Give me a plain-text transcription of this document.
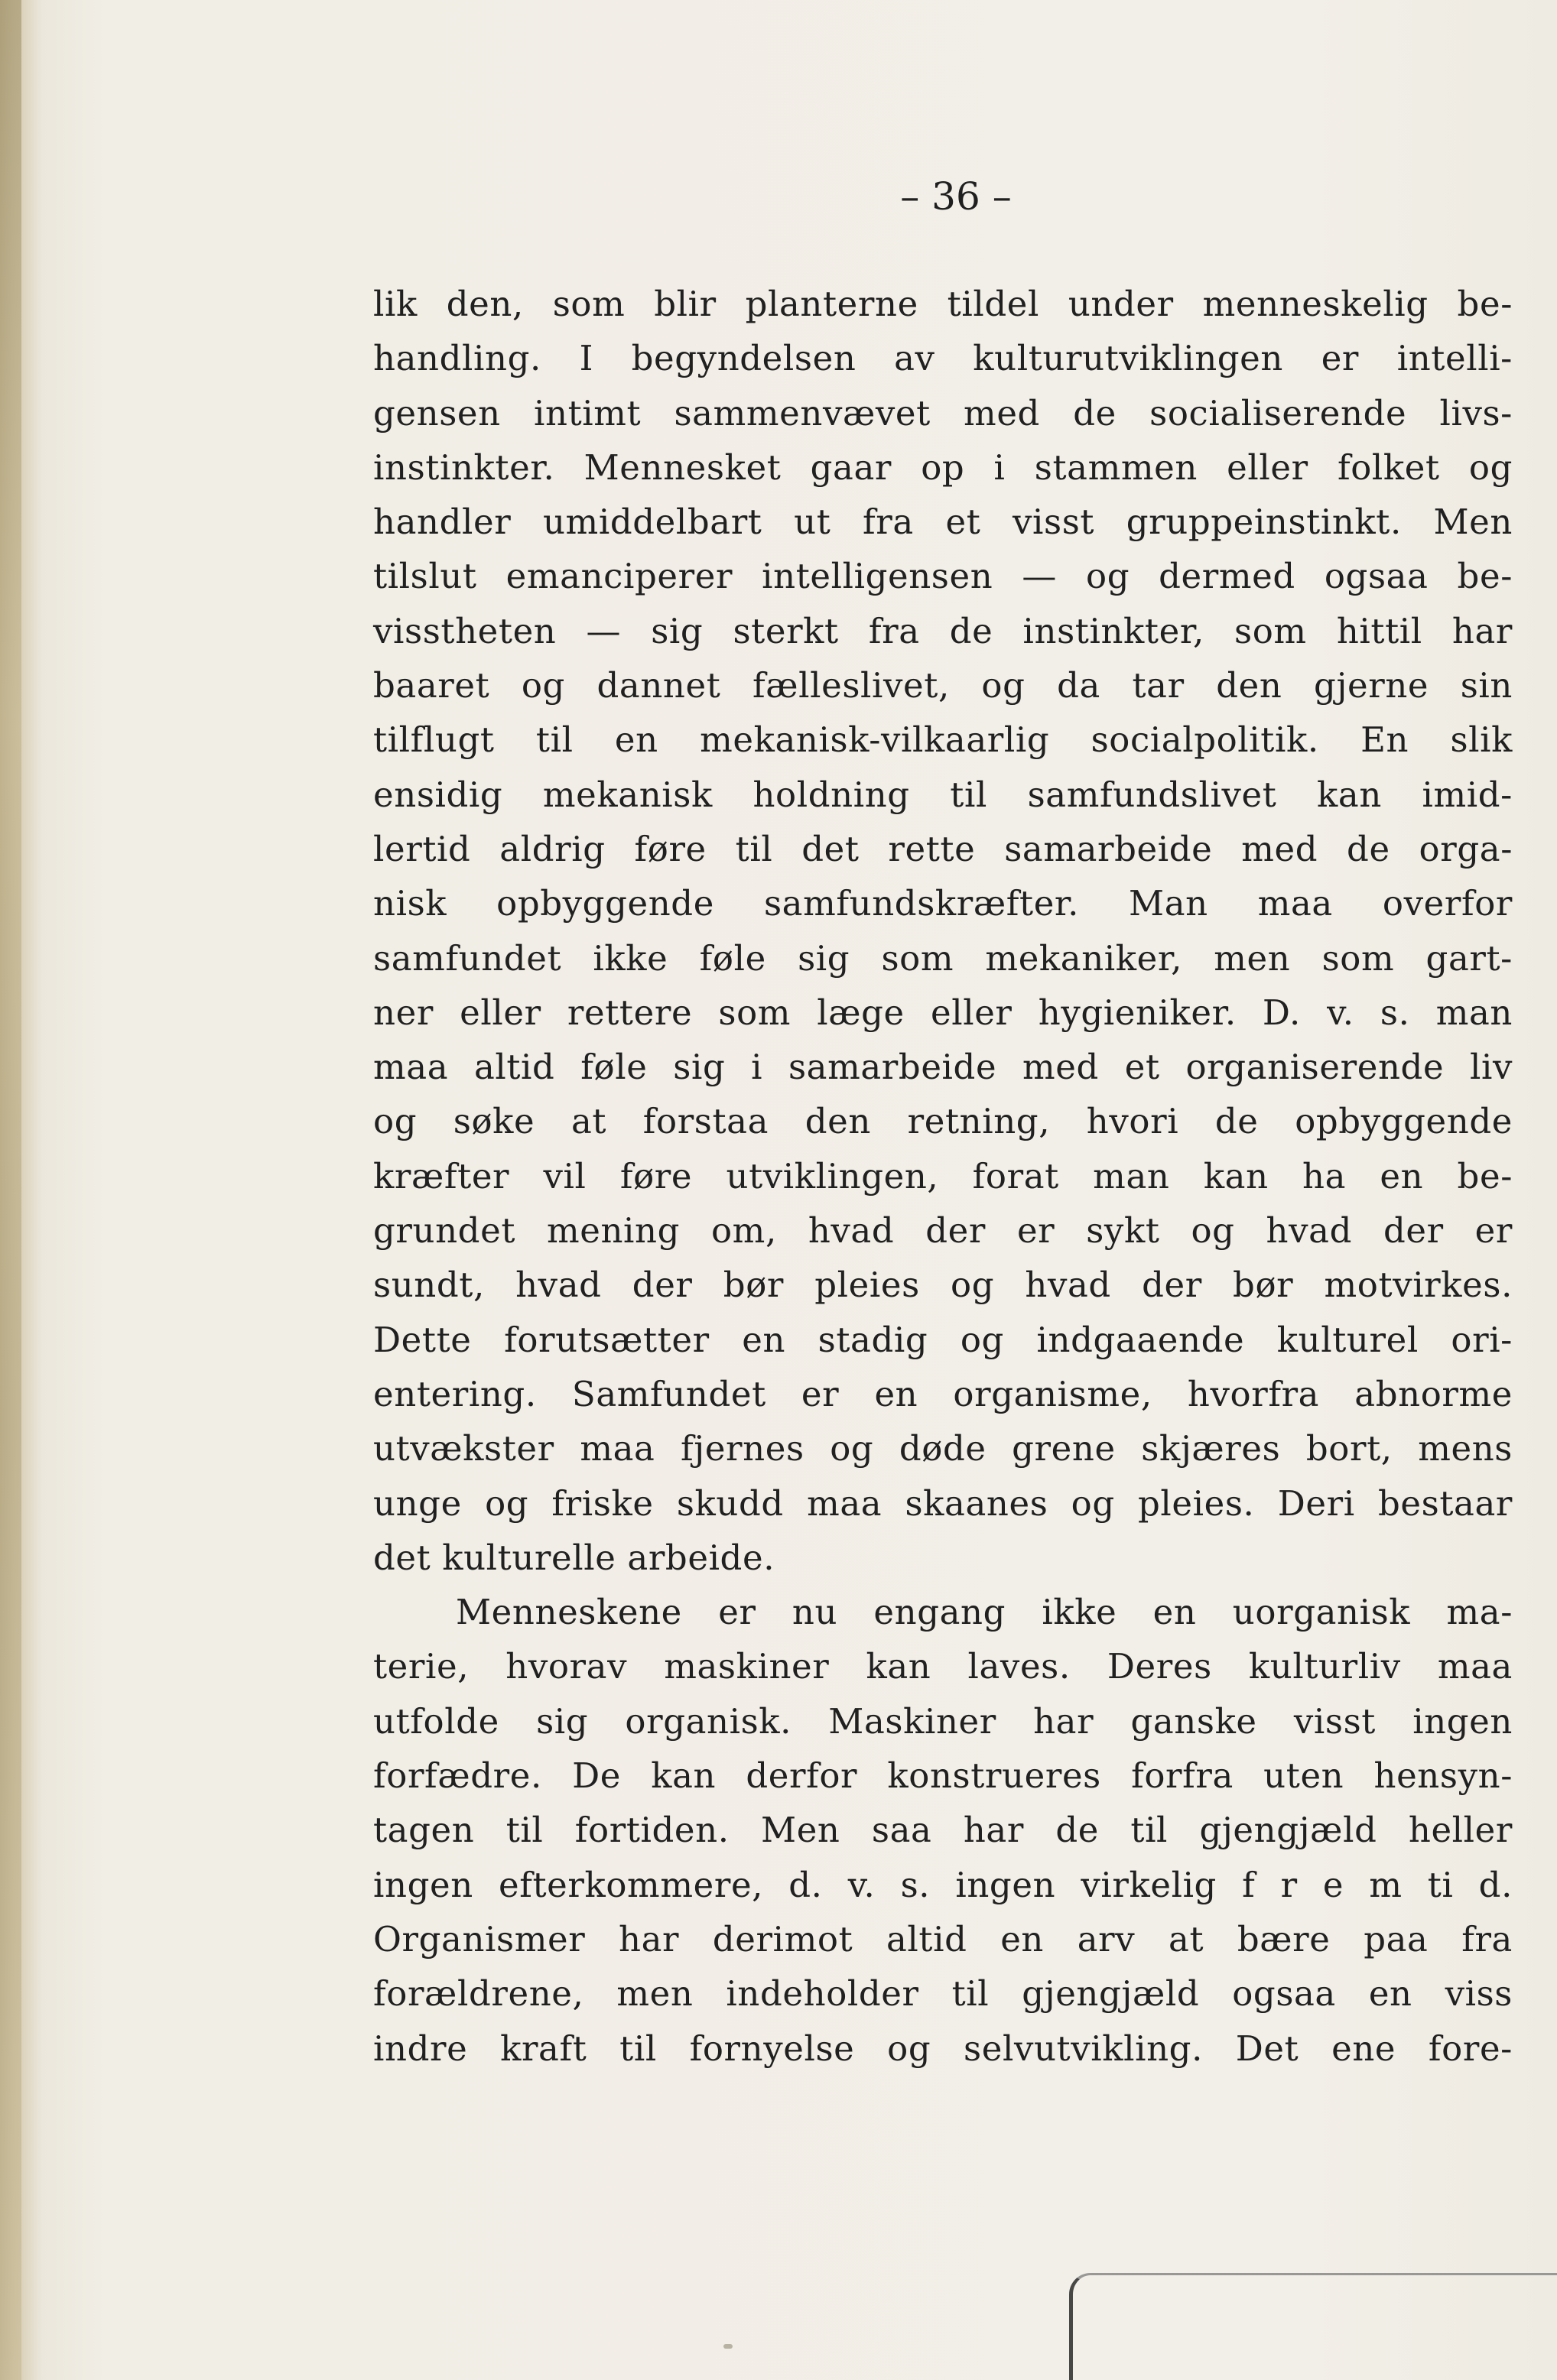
– 36 –
lik den, som blir planterne tildel under menneskelig be-
handling. I begyndelsen av kulturutviklingen er intelli-
gensen intimt sammenvævet med de socialiserende livs-
instinkter. Mennesket gaar op i stammen eller folket og
handler umiddelbart ut fra et visst gruppeinstinkt. Men
tilslut emanciperer intelligensen — og dermed ogsaa be-
visstheten — sig sterkt fra de instinkter, som hittil har
baaret og dannet fælleslivet, og da tar den gjerne sin
tilflugt til en mekanisk-vilkaarlig socialpolitik. En slik
ensidig mekanisk holdning til samfundslivet kan imid-
lertid aldrig føre til det rette samarbeide med de orga-
nisk opbyggende samfundskræfter. Man maa overfor
samfundet ikke føle sig som mekaniker, men som gart-
ner eller rettere som læge eller hygieniker. D. v. s. man
maa altid føle sig i samarbeide med et organiserende liv
og søke at forstaa den retning, hvori de opbyggende
kræfter vil føre utviklingen, forat man kan ha en be-
grundet mening om, hvad der er sykt og hvad der er
sundt, hvad der bør pleies og hvad der bør motvirkes.
Dette forutsætter en stadig og indgaaende kulturel ori-
entering. Samfundet er en organisme, hvorfra abnorme
utvækster maa fjernes og døde grene skjæres bort, mens
unge og friske skudd maa skaanes og pleies. Deri bestaar
det kulturelle arbeide.
Menneskene er nu engang ikke en uorganisk ma-
terie, hvorav maskiner kan laves. Deres kulturliv maa
utfolde sig organisk. Maskiner har ganske visst ingen
forfædre. De kan derfor konstrueres forfra uten hensyn-
tagen til fortiden. Men saa har de til gjengjæld heller
ingen efterkommere, d. v. s. ingen virkelig f r e m ti d.
Organismer har derimot altid en arv at bære paa fra
forældrene, men indeholder til gjengjæld ogsaa en viss
indre kraft til fornyelse og selvutvikling. Det ene fore-
